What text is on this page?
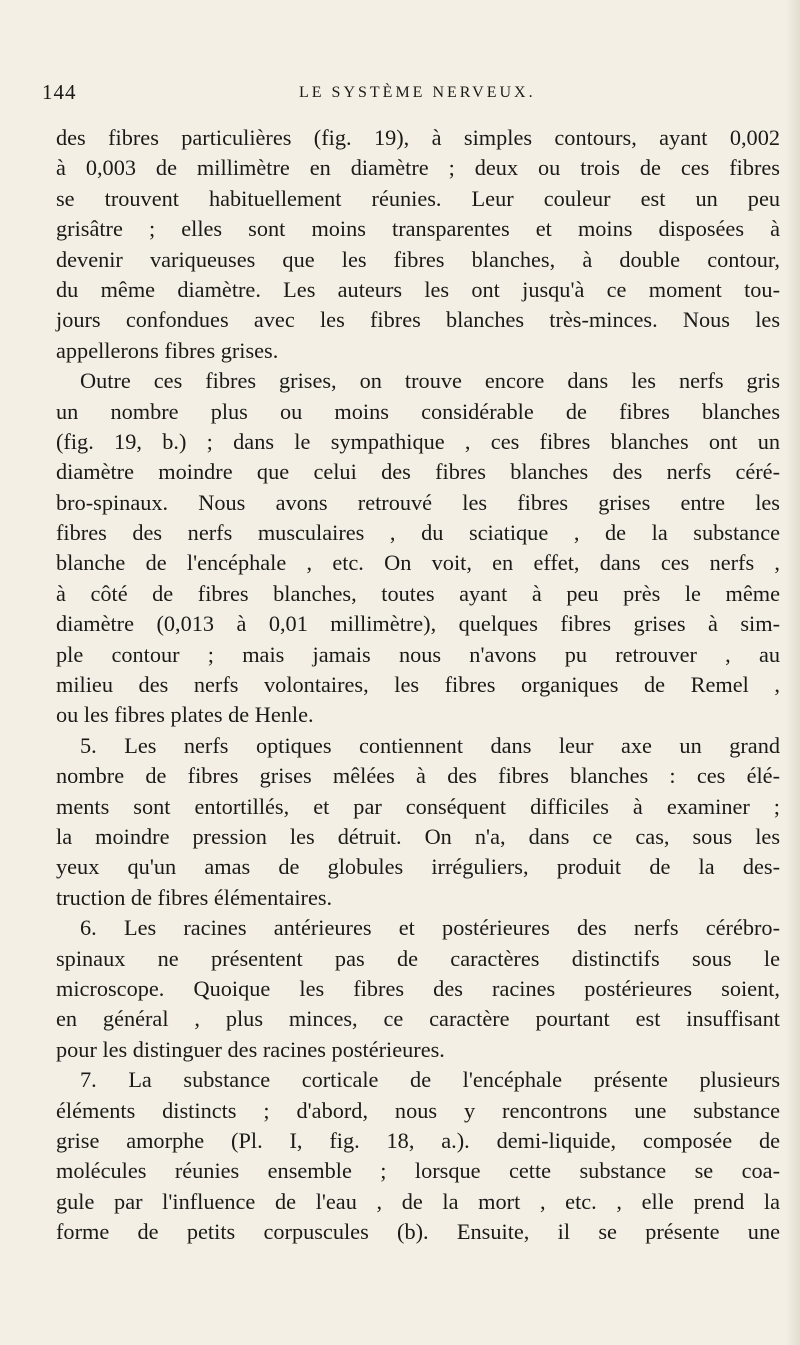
144	LE SYSTÈME NERVEUX.
des fibres particulières (fig. 19), à simples contours, ayant 0,002
à 0,003 de millimètre en diamètre ; deux ou trois de ces fibres
se trouvent habituellement réunies. Leur couleur est un peu
grisâtre ; elles sont moins transparentes et moins disposées à
devenir variqueuses que les fibres blanches, à double contour,
du même diamètre. Les auteurs les ont jusqu'à ce moment tou-
jours confondues avec les fibres blanches très-minces. Nous les
appellerons fibres grises.
Outre ces fibres grises, on trouve encore dans les nerfs gris
un nombre plus ou moins considérable de fibres blanches
(fig. 19, b.) ; dans le sympathique , ces fibres blanches ont un
diamètre moindre que celui des fibres blanches des nerfs céré-
bro-spinaux. Nous avons retrouvé les fibres grises entre les
fibres des nerfs musculaires , du sciatique , de la substance
blanche de l'encéphale , etc. On voit, en effet, dans ces nerfs ,
à côté de fibres blanches, toutes ayant à peu près le même
diamètre (0,013 à 0,01 millimètre), quelques fibres grises à sim-
ple contour ; mais jamais nous n'avons pu retrouver , au
milieu des nerfs volontaires, les fibres organiques de Remel ,
ou les fibres plates de Henle.
5. Les nerfs optiques contiennent dans leur axe un grand
nombre de fibres grises mêlées à des fibres blanches : ces élé-
ments sont entortillés, et par conséquent difficiles à examiner ;
la moindre pression les détruit. On n'a, dans ce cas, sous les
yeux qu'un amas de globules irréguliers, produit de la des-
truction de fibres élémentaires.
6. Les racines antérieures et postérieures des nerfs cérébro-
spinaux ne présentent pas de caractères distinctifs sous le
microscope. Quoique les fibres des racines postérieures soient,
en général , plus minces, ce caractère pourtant est insuffisant
pour les distinguer des racines postérieures.
7. La substance corticale de l'encéphale présente plusieurs
éléments distincts ; d'abord, nous y rencontrons une substance
grise amorphe (Pl. I, fig. 18, a.). demi-liquide, composée de
molécules réunies ensemble ; lorsque cette substance se coa-
gule par l'influence de l'eau , de la mort , etc. , elle prend la
forme de petits corpuscules (b). Ensuite, il se présente une
